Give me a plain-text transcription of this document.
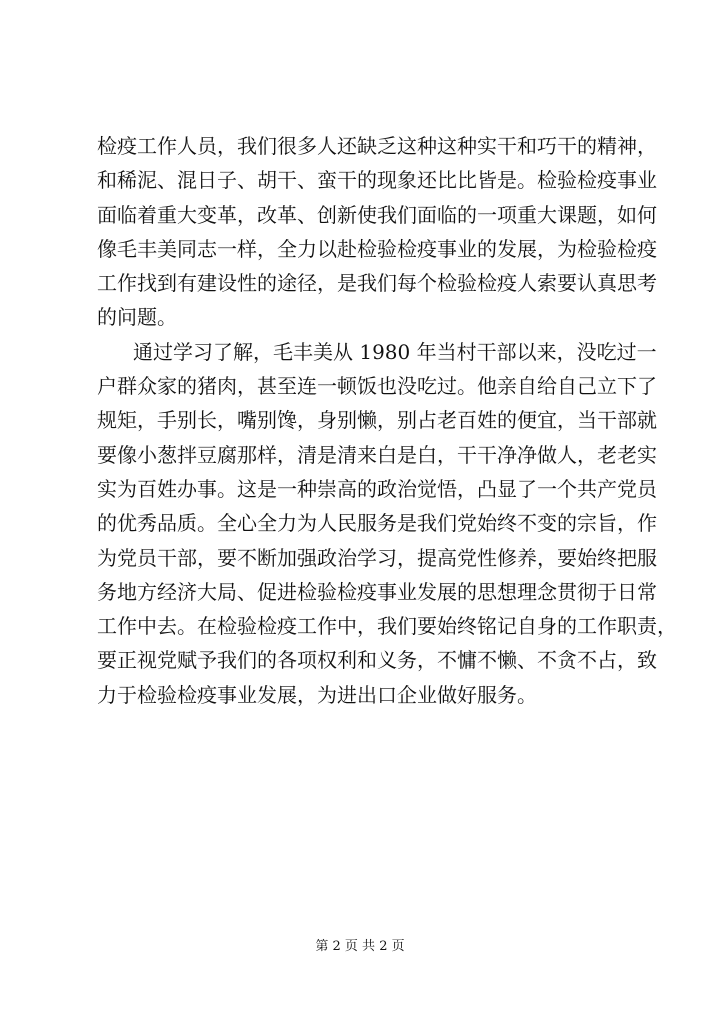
检疫工作人员，我们很多人还缺乏这种这种实干和巧干的精神，
和稀泥、混日子、胡干、蛮干的现象还比比皆是。检验检疫事业
面临着重大变革，改革、创新使我们面临的一项重大课题，如何
像毛丰美同志一样，全力以赴检验检疫事业的发展，为检验检疫
工作找到有建设性的途径，是我们每个检验检疫人索要认真思考
的问题。
通过学习了解，毛丰美从 1980 年当村干部以来，没吃过一
户群众家的猪肉，甚至连一顿饭也没吃过。他亲自给自己立下了
规矩，手别长，嘴别馋，身别懒，别占老百姓的便宜，当干部就
要像小葱拌豆腐那样，清是清来白是白，干干净净做人，老老实
实为百姓办事。这是一种崇高的政治觉悟，凸显了一个共产党员
的优秀品质。全心全力为人民服务是我们党始终不变的宗旨，作
为党员干部，要不断加强政治学习，提高党性修养，要始终把服
务地方经济大局、促进检验检疫事业发展的思想理念贯彻于日常
工作中去。在检验检疫工作中，我们要始终铭记自身的工作职责，
要正视党赋予我们的各项权利和义务，不慵不懒、不贪不占，致
力于检验检疫事业发展，为进出口企业做好服务。
第 2 页 共 2 页
